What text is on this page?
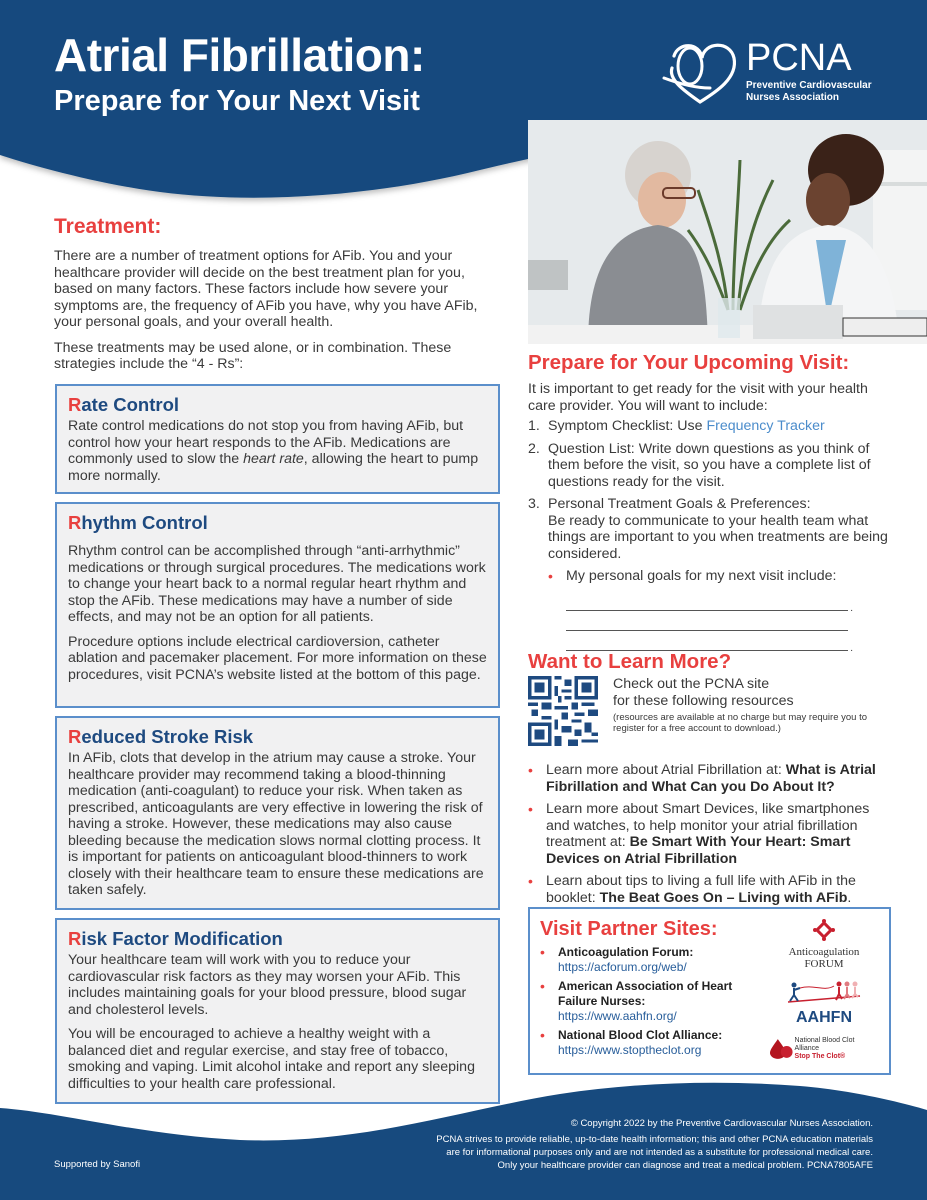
Atrial Fibrillation:
Prepare for Your Next Visit
PCNA
Preventive Cardiovascular
Nurses Association
Treatment:

There are a number of treatment options for AFib. You and your healthcare provider will decide on the best treatment plan for you, based on many factors. These factors include how severe your symptoms are, the frequency of AFib you have, why you have AFib, your personal goals, and your overall health.

These treatments may be used alone, or in combination. These strategies include the “4 - Rs”:

Rate Control

Rate control medications do not stop you from having AFib, but control how your heart responds to the AFib. Medications are commonly used to slow the heart rate, allowing the heart to pump more normally.

Rhythm Control

Rhythm control can be accomplished through “anti-arrhythmic” medications or through surgical procedures. The medications work to change your heart back to a normal regular heart rhythm and stop the AFib. These medications may have a number of side effects, and may not be an option for all patients.

Procedure options include electrical cardioversion, catheter ablation and pacemaker placement. For more information on these procedures, visit PCNA’s website listed at the bottom of this page.

Reduced Stroke Risk

In AFib, clots that develop in the atrium may cause a stroke. Your healthcare provider may recommend taking a blood-thinning medication (anti-coagulant) to reduce your risk. When taken as prescribed, anticoagulants are very effective in lowering the risk of having a stroke. However, these medications may also cause bleeding because the medication slows normal clotting process. It is important for patients on anticoagulant blood-thinners to work closely with their healthcare team to ensure these medications are taken safely.

Risk Factor Modification

Your healthcare team will work with you to reduce your cardiovascular risk factors as they may worsen your AFib. This includes maintaining goals for your blood pressure, blood sugar and cholesterol levels.

You will be encouraged to achieve a healthy weight with a balanced diet and regular exercise, and stay free of tobacco, smoking and vaping. Limit alcohol intake and report any sleeping difficulties to your health care professional.

Prepare for Your Upcoming Visit:

It is important to get ready for the visit with your health care provider. You will want to include:

1. Symptom Checklist: Use Frequency Tracker
2. Question List: Write down questions as you think of them before the visit, so you have a complete list of questions ready for the visit.
3. Personal Treatment Goals & Preferences:
Be ready to communicate to your health team what things are important to you when treatments are being considered.
• My personal goals for my next visit include:
.
.
Want to Learn More?
Check out the PCNA site
for these following resources
(resources are available at no charge but may require you to register for a free account to download.)
• Learn more about Atrial Fibrillation at: What is Atrial Fibrillation and What Can you Do About It?
• Learn more about Smart Devices, like smartphones and watches, to help monitor your atrial fibrillation treatment at: Be Smart With Your Heart: Smart Devices on Atrial Fibrillation
• Learn about tips to living a full life with AFib in the booklet: The Beat Goes On – Living with AFib.
Visit Partner Sites:
•	Anticoagulation Forum:
https://acforum.org/web/
•	American Association of Heart Failure Nurses:
https://www.aahfn.org/
•	National Blood Clot Alliance:
https://www.stoptheclot.org
Anticoagulation
FORUM
AAHFN
National Blood Clot Alliance
Stop The Clot®
Supported by Sanofi
© Copyright 2022 by the Preventive Cardiovascular Nurses Association.
PCNA strives to provide reliable, up-to-date health information; this and other PCNA education materials
are for informational purposes only and are not intended as a substitute for professional medical care.
Only your healthcare provider can diagnose and treat a medical problem. PCNA7805AFE
